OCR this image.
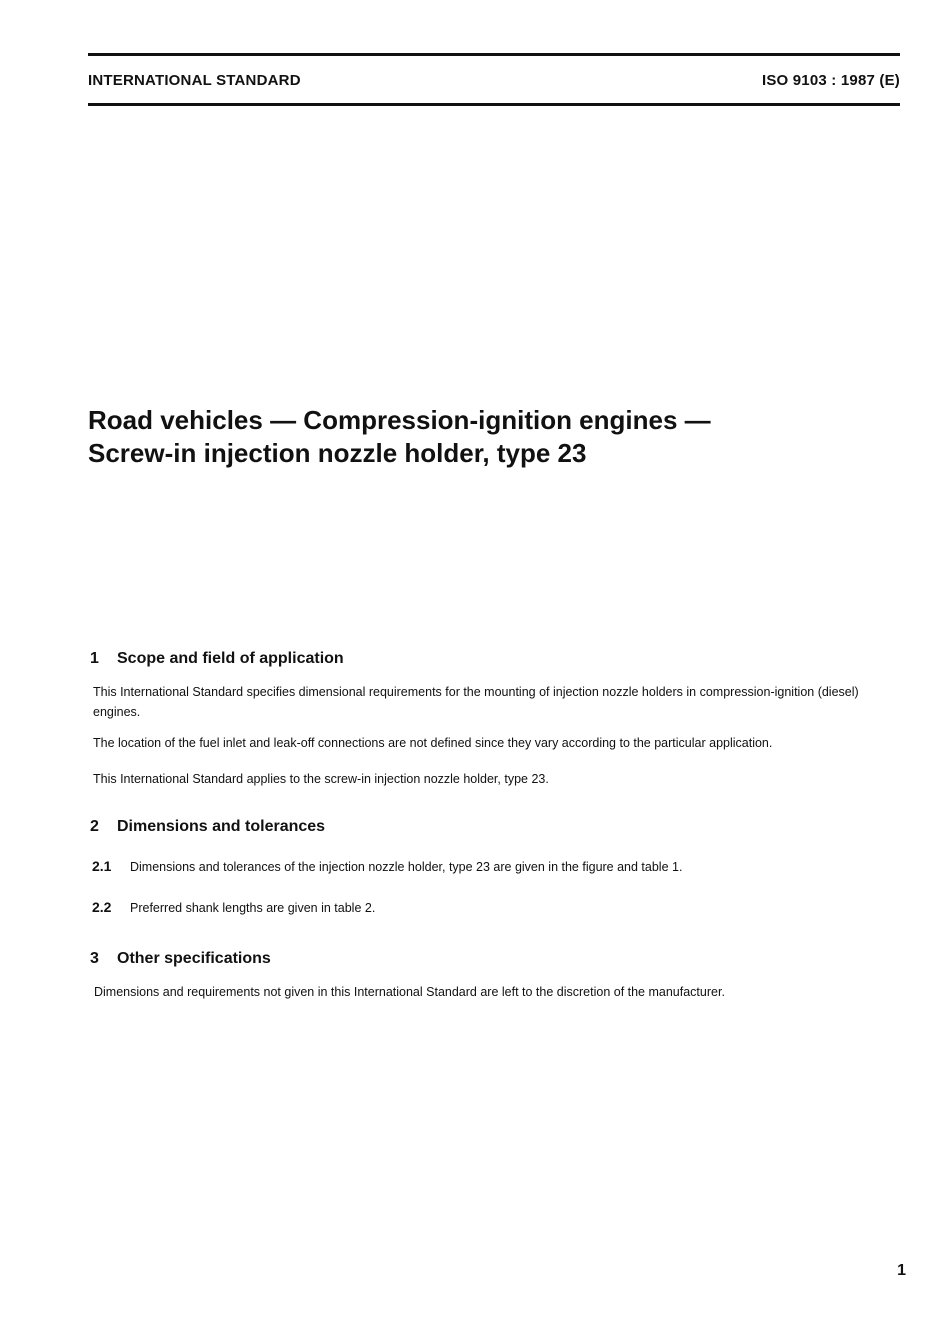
INTERNATIONAL STANDARD	ISO 9103 : 1987 (E)
Road vehicles — Compression-ignition engines —
Screw-in injection nozzle holder, type 23
1 Scope and field of application
This International Standard specifies dimensional requirements for the mounting of injection nozzle holders in compression-ignition (diesel) engines.
The location of the fuel inlet and leak-off connections are not defined since they vary according to the particular application.
This International Standard applies to the screw-in injection nozzle holder, type 23.
2 Dimensions and tolerances
2.1 Dimensions and tolerances of the injection nozzle holder, type 23 are given in the figure and table 1.
2.2 Preferred shank lengths are given in table 2.
3 Other specifications
Dimensions and requirements not given in this International Standard are left to the discretion of the manufacturer.
1
